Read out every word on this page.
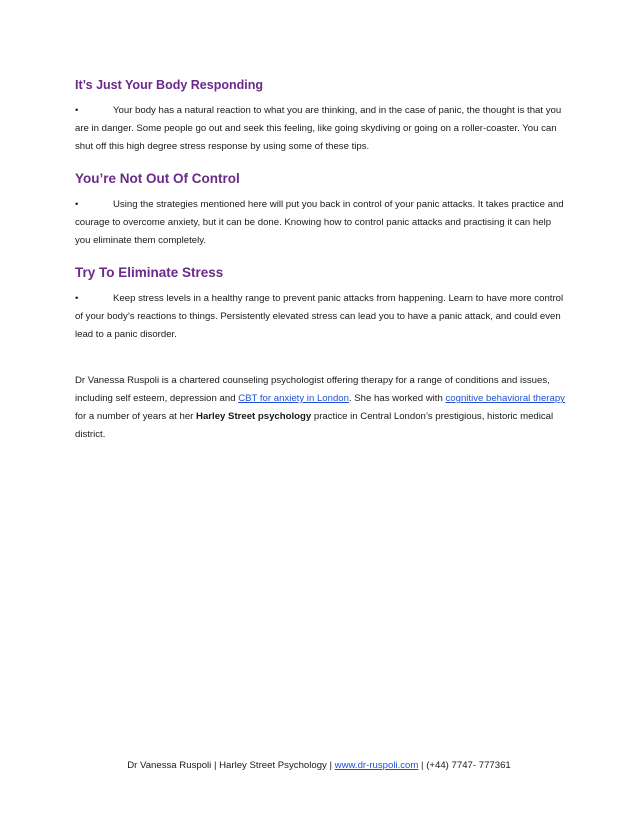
It’s Just Your Body Responding

•	Your body has a natural reaction to what you are thinking, and in the case of panic, the thought is that you are in danger. Some people go out and seek this feeling, like going skydiving or going on a roller-coaster. You can shut off this high degree stress response by using some of these tips.

You’re Not Out Of Control

•	Using the strategies mentioned here will put you back in control of your panic attacks. It takes practice and courage to overcome anxiety, but it can be done. Knowing how to control panic attacks and practising it can help you eliminate them completely.

Try To Eliminate Stress

•	Keep stress levels in a healthy range to prevent panic attacks from happening. Learn to have more control of your body’s reactions to things. Persistently elevated stress can lead you to have a panic attack, and could even lead to a panic disorder.

Dr Vanessa Ruspoli is a chartered counseling psychologist offering therapy for a range of conditions and issues, including self esteem, depression and CBT for anxiety in London. She has worked with cognitive behavioral therapy for a number of years at her Harley Street psychology practice in Central London’s prestigious, historic medical district.

Dr Vanessa Ruspoli | Harley Street Psychology | www.dr-ruspoli.com | (+44) 7747- 777361
